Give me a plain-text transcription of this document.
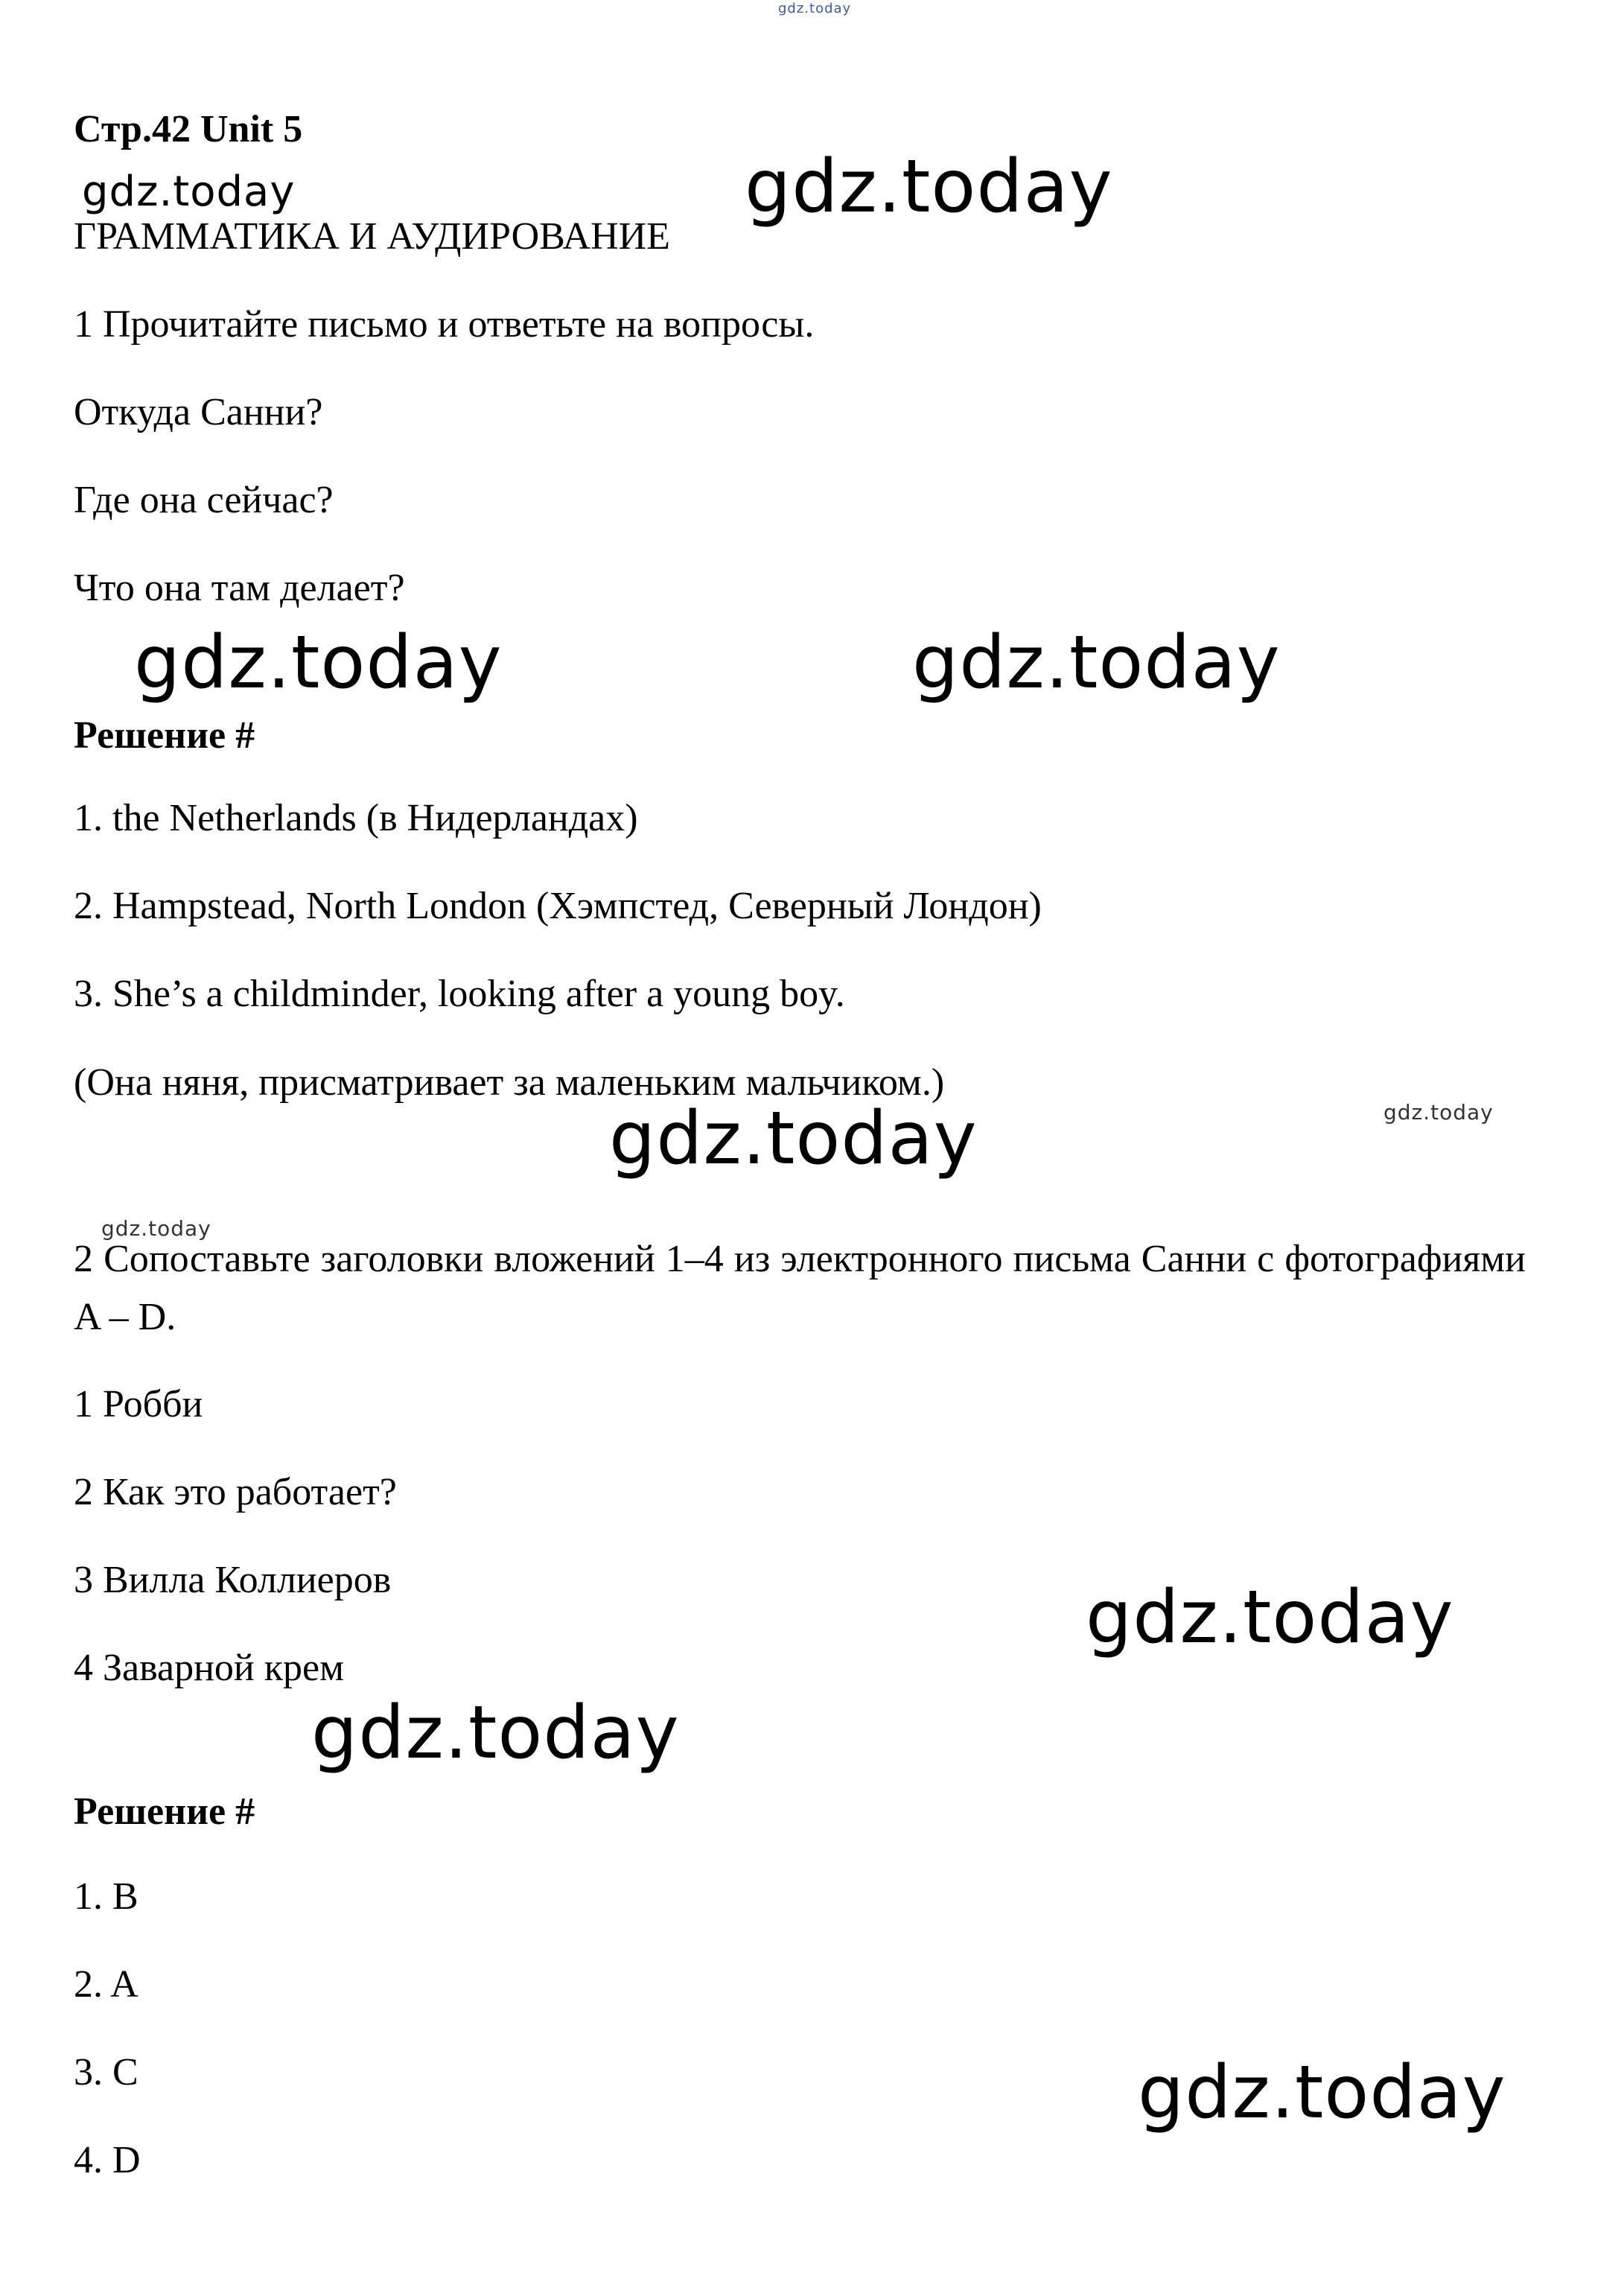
gdz.today
Стр.42 Unit 5
gdz.today	gdz.today
ГРАММАТИКА И АУДИРОВАНИЕ
1 Прочитайте письмо и ответьте на вопросы.
Откуда Санни?
Где она сейчас?
Что она там делает?
gdz.today	gdz.today
Решение #
1. the Netherlands (в Нидерландах)
2. Hampstead, North London (Хэмпстед, Северный Лондон)
3. She’s a childminder, looking after a young boy.
(Она няня, присматривает за маленьким мальчиком.)
gdz.today
gdz.today
gdz.today
2 Сопоставьте заголовки вложений 1–4 из электронного письма Санни с фотографиями A – D.
1 Робби
2 Как это работает?
3 Вилла Коллиеров
4 Заварной крем
gdz.today
gdz.today
Решение #
1. B
2. A
3. C
4. D
gdz.today
